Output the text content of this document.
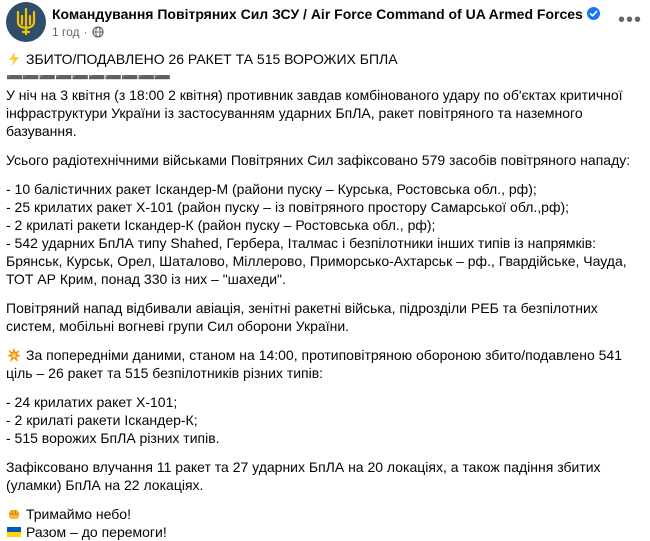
Командування Повітряних Сил ЗСУ / Air Force Command of UA Armed Forces
1 год ·
•••

ЗБИТО/ПОДАВЛЕНО 26 РАКЕТ ТА 515 ВОРОЖИХ БПЛА

➖➖➖➖➖➖➖➖➖➖

У ніч на 3 квітня (з 18:00 2 квітня) противник завдав комбінованого удару по об'єктах критичної інфраструктури України із застосуванням ударних БпЛА, ракет повітряного та наземного базування.

Усього радіотехнічними військами Повітряних Сил зафіксовано 579 засобів повітряного нападу:

- 10 балістичних ракет Іскандер-М (райони пуску – Курська, Ростовська обл., рф);

- 25 крилатих ракет Х-101 (район пуску – із повітряного простору Самарської обл.,рф);

- 2 крилаті ракети Іскандер-К (район пуску – Ростовська обл., рф);

- 542 ударних БпЛА типу Shahed, Гербера, Італмас і безпілотники інших типів із напрямків: Брянськ, Курськ, Орел, Шаталово, Міллерово, Приморсько-Ахтарськ – рф., Гвардійське, Чауда, ТОТ АР Крим, понад 330 із них – "шахеди".

Повітряний напад відбивали авіація, зенітні ракетні війська, підрозділи РЕБ та безпілотних систем, мобільні вогневі групи Сил оборони України.

За попередніми даними, станом на 14:00, протиповітряною обороною збито/подавлено 541 ціль – 26 ракет та 515 безпілотників різних типів:

- 24 крилатих ракет Х-101;

- 2 крилаті ракети Іскандер-К;

- 515 ворожих БпЛА різних типів.

Зафіксовано влучання 11 ракет та 27 ударних БпЛА на 20 локаціях, а також падіння збитих (уламки) БпЛА на 22 локаціях.

Тримаймо небо!

Разом – до перемоги!
